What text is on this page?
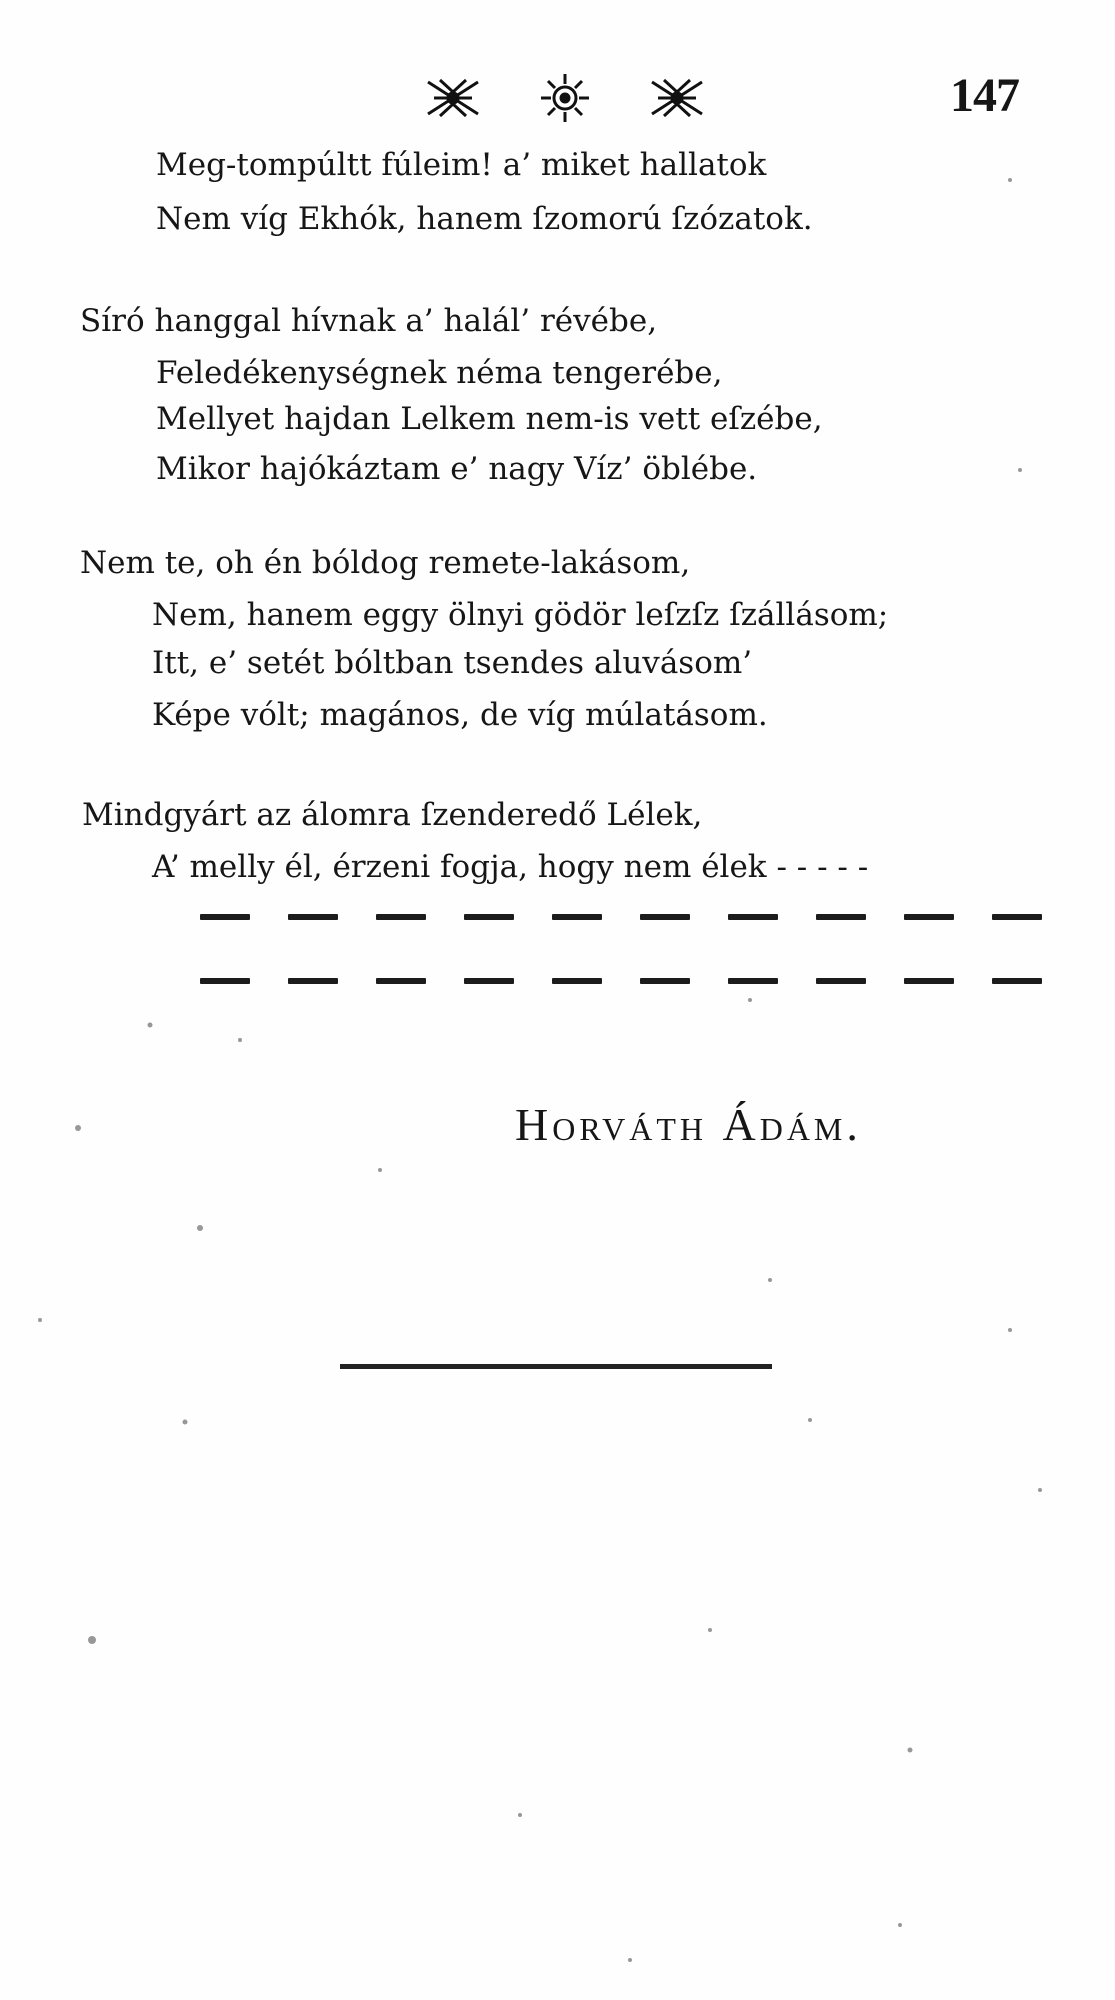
147
Meg-tompúltt fúleim! a’ miket hallatok
Nem víg Ekhók, hanem ſzomorú ſzózatok.
Síró hanggal hívnak a’ halál’ révébe,
Feledékenységnek néma tengerébe,
Mellyet hajdan Lelkem nem-is vett eſzébe,
Mikor hajókáztam e’ nagy Víz’ öblébe.
Nem te, oh én bóldog remete-lakásom,
Nem, hanem eggy ölnyi gödör leſzſz ſzállásom;
Itt, e’ setét bóltban tsendes aluvásom’
Képe vólt; magános, de víg múlatásom.
Mindgyárt az álomra ſzenderedő Lélek,
A’ melly él, érzeni fogja, hogy nem élek - - - - -
Horváth Ádám.
